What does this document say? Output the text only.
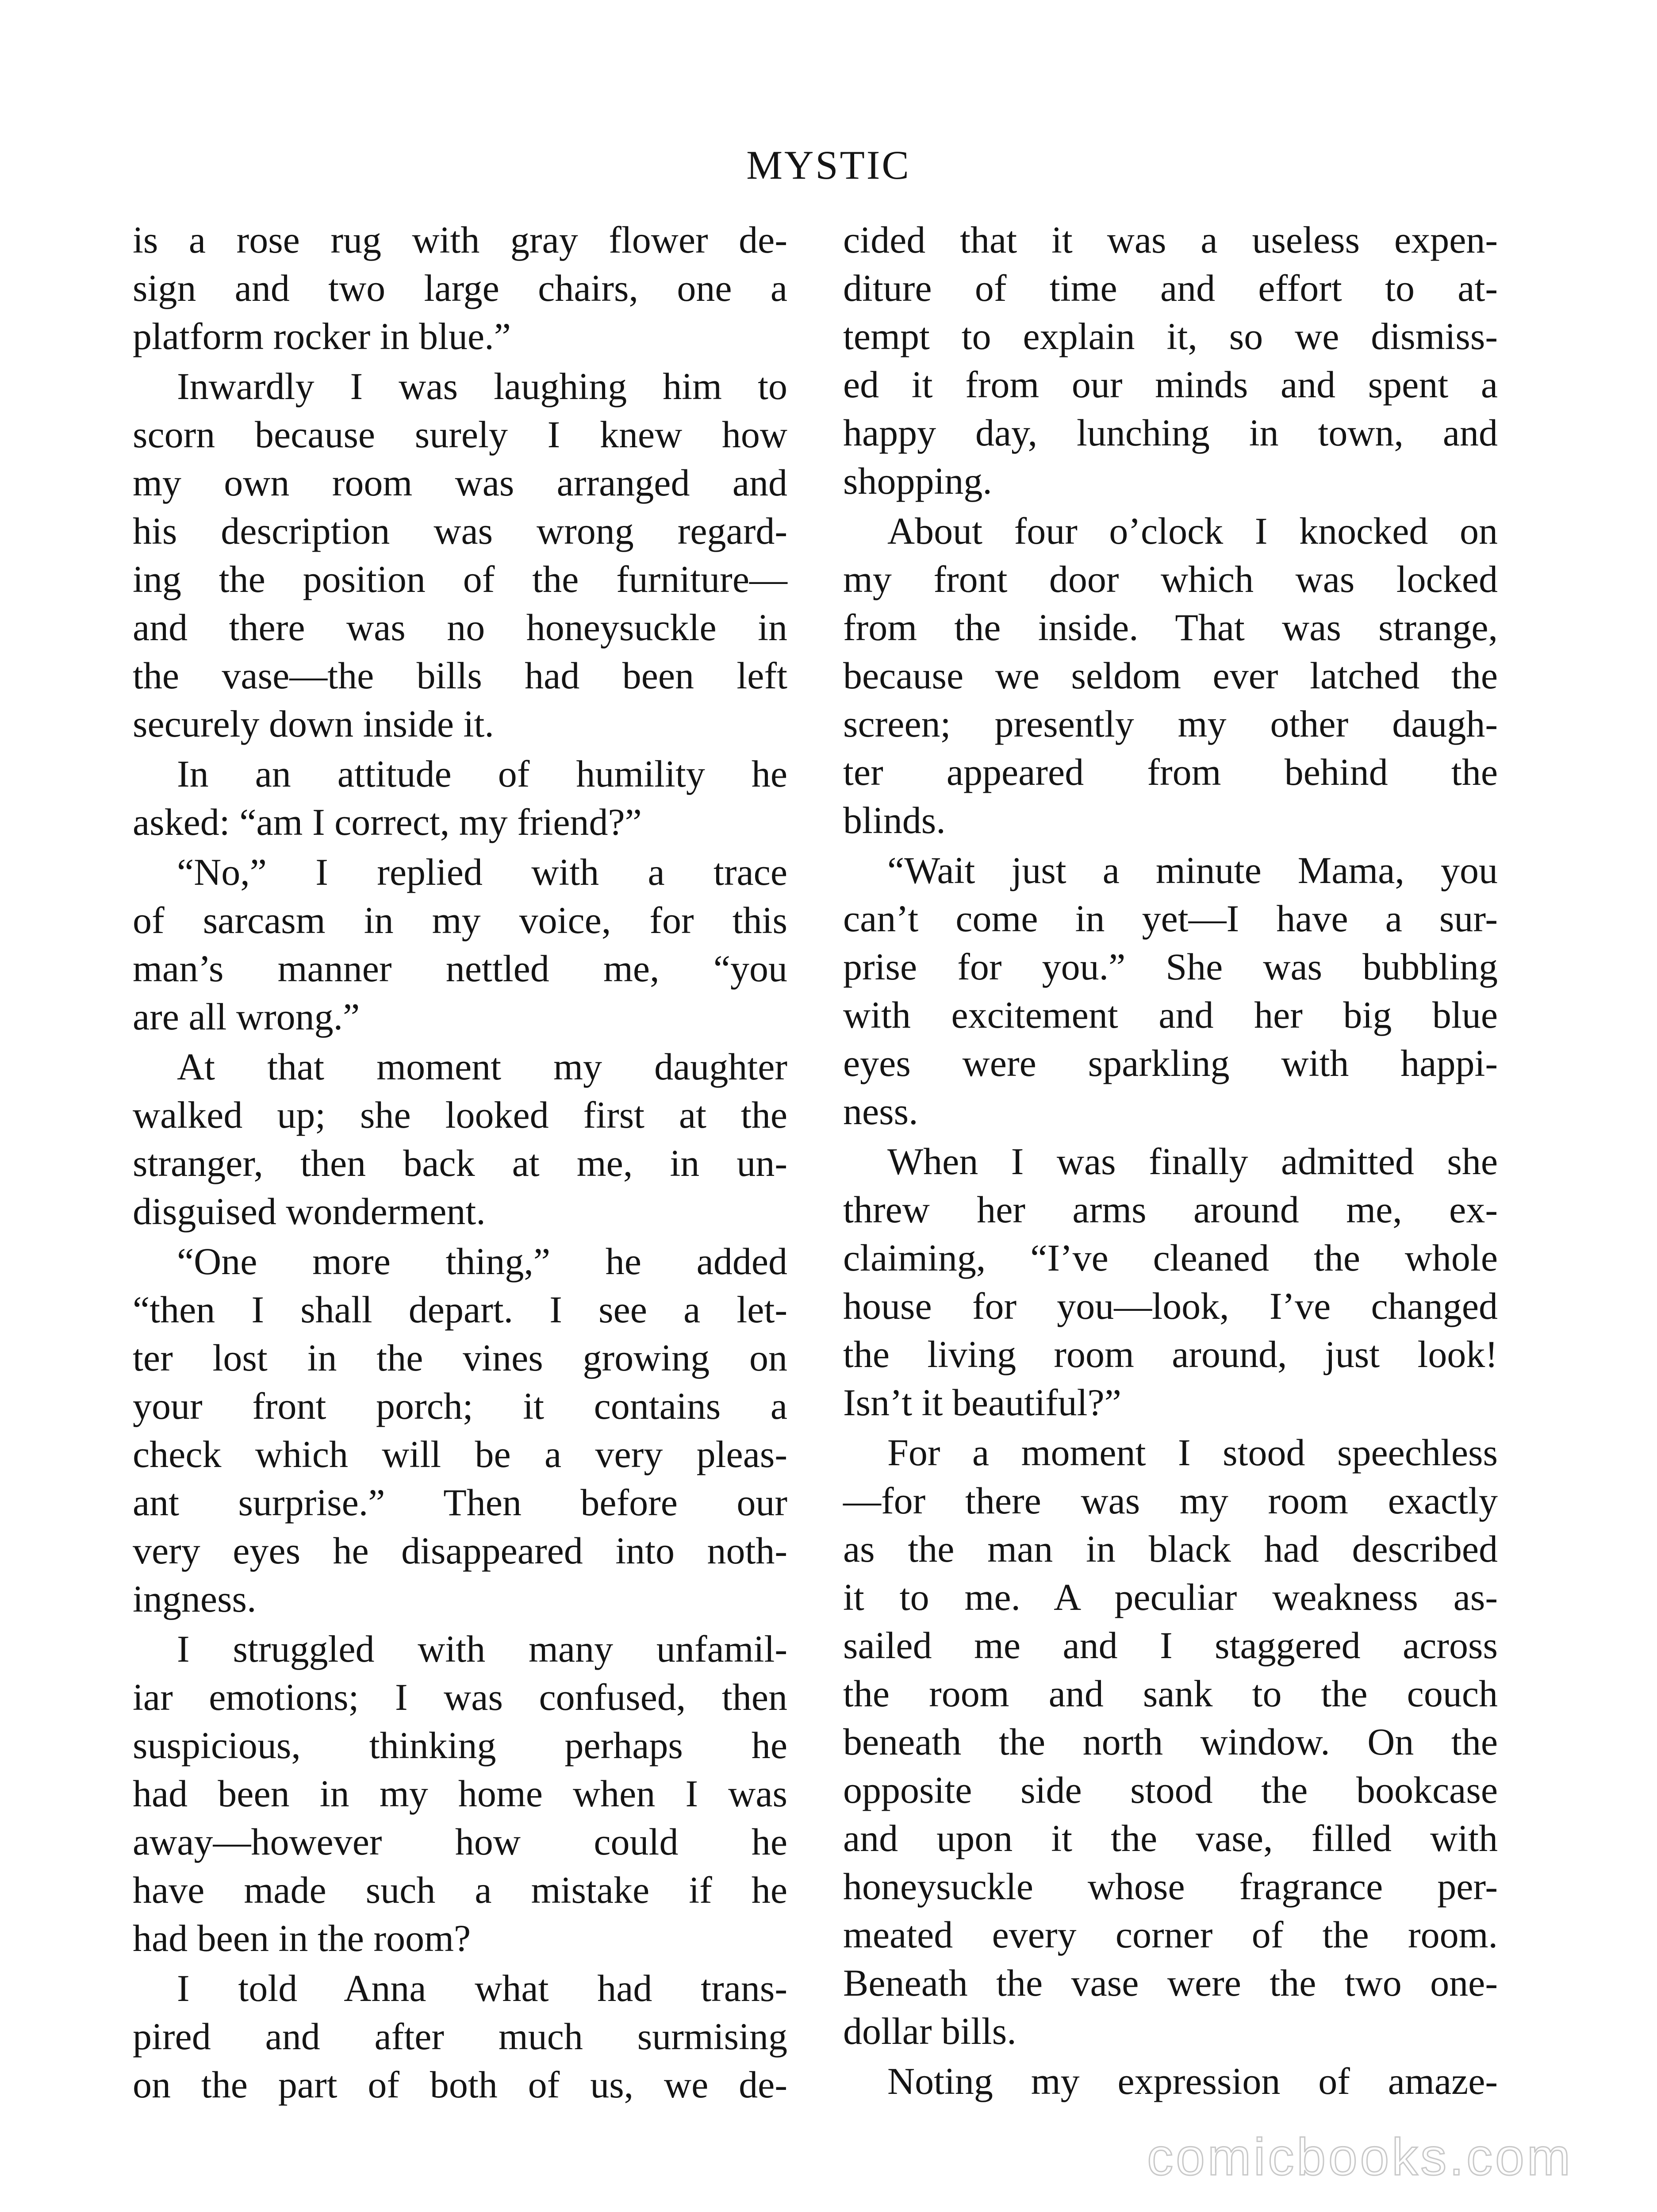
MYSTIC
is a rose rug with gray flower de-
sign and two large chairs, one a
platform rocker in blue.”
Inwardly I was laughing him to
scorn because surely I knew how
my own room was arranged and
his description was wrong regard-
ing the position of the furniture—
and there was no honeysuckle in
the vase—the bills had been left
securely down inside it.
In an attitude of humility he
asked: “am I correct, my friend?”
“No,” I replied with a trace
of sarcasm in my voice, for this
man’s manner nettled me, “you
are all wrong.”
At that moment my daughter
walked up; she looked first at the
stranger, then back at me, in un-
disguised wonderment.
“One more thing,” he added
“then I shall depart. I see a let-
ter lost in the vines growing on
your front porch; it contains a
check which will be a very pleas-
ant surprise.” Then before our
very eyes he disappeared into noth-
ingness.
I struggled with many unfamil-
iar emotions; I was confused, then
suspicious, thinking perhaps he
had been in my home when I was
away—however how could he
have made such a mistake if he
had been in the room?
I told Anna what had trans-
pired and after much surmising
on the part of both of us, we de-
cided that it was a useless expen-
diture of time and effort to at-
tempt to explain it, so we dismiss-
ed it from our minds and spent a
happy day, lunching in town, and
shopping.
About four o’clock I knocked on
my front door which was locked
from the inside. That was strange,
because we seldom ever latched the
screen; presently my other daugh-
ter appeared from behind the
blinds.
“Wait just a minute Mama, you
can’t come in yet—I have a sur-
prise for you.” She was bubbling
with excitement and her big blue
eyes were sparkling with happi-
ness.
When I was finally admitted she
threw her arms around me, ex-
claiming, “I’ve cleaned the whole
house for you—look, I’ve changed
the living room around, just look!
Isn’t it beautiful?”
For a moment I stood speechless
—for there was my room exactly
as the man in black had described
it to me. A peculiar weakness as-
sailed me and I staggered across
the room and sank to the couch
beneath the north window. On the
opposite side stood the bookcase
and upon it the vase, filled with
honeysuckle whose fragrance per-
meated every corner of the room.
Beneath the vase were the two one-
dollar bills.
Noting my expression of amaze-
comicbooks.com
